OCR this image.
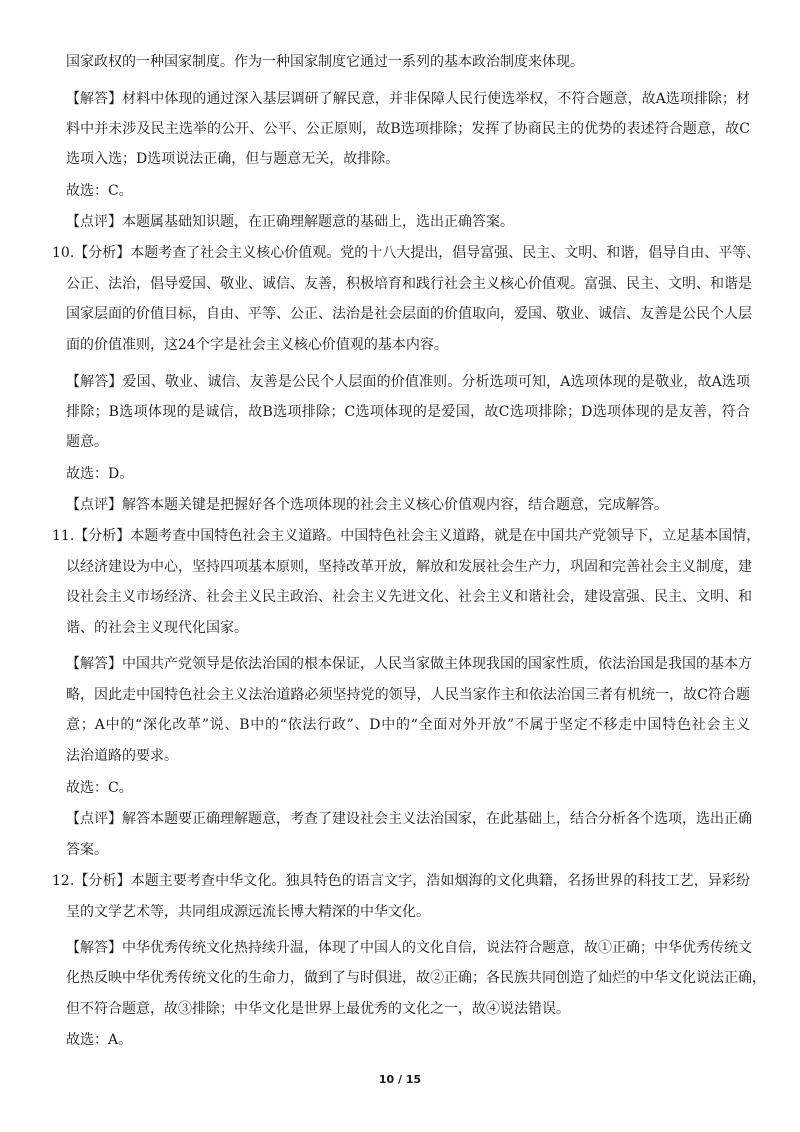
国家政权的一种国家制度。作为一种国家制度它通过一系列的基本政治制度来体现。
【解答】材料中体现的通过深入基层调研了解民意，并非保障人民行使选举权，不符合题意，故A选项排除；材
料中并未涉及民主选举的公开、公平、公正原则，故B选项排除；发挥了协商民主的优势的表述符合题意，故C
选项入选；D选项说法正确，但与题意无关，故排除。
故选：C。
【点评】本题属基础知识题，在正确理解题意的基础上，选出正确答案。
10.【分析】本题考查了社会主义核心价值观。党的十八大提出，倡导富强、民主、文明、和谐，倡导自由、平等、
公正、法治，倡导爱国、敬业、诚信、友善，积极培育和践行社会主义核心价值观。富强、民主、文明、和谐是
国家层面的价值目标，自由、平等、公正、法治是社会层面的价值取向，爱国、敬业、诚信、友善是公民个人层
面的价值准则，这24个字是社会主义核心价值观的基本内容。
【解答】爱国、敬业、诚信、友善是公民个人层面的价值准则。分析选项可知，A选项体现的是敬业，故A选项
排除；B选项体现的是诚信，故B选项排除；C选项体现的是爱国，故C选项排除；D选项体现的是友善，符合
题意。
故选：D。
【点评】解答本题关键是把握好各个选项体现的社会主义核心价值观内容，结合题意，完成解答。
11.【分析】本题考查中国特色社会主义道路。中国特色社会主义道路，就是在中国共产党领导下，立足基本国情，
以经济建设为中心，坚持四项基本原则，坚持改革开放，解放和发展社会生产力，巩固和完善社会主义制度，建
设社会主义市场经济、社会主义民主政治、社会主义先进文化、社会主义和谐社会，建设富强、民主、文明、和
谐、的社会主义现代化国家。
【解答】中国共产党领导是依法治国的根本保证，人民当家做主体现我国的国家性质，依法治国是我国的基本方
略，因此走中国特色社会主义法治道路必须坚持党的领导，人民当家作主和依法治国三者有机统一，故C符合题
意；A中的“深化改革”说、B中的“依法行政”、D中的“全面对外开放”不属于坚定不移走中国特色社会主义
法治道路的要求。
故选：C。
【点评】解答本题要正确理解题意，考查了建设社会主义法治国家，在此基础上，结合分析各个选项，选出正确
答案。
12.【分析】本题主要考查中华文化。独具特色的语言文字，浩如烟海的文化典籍，名扬世界的科技工艺，异彩纷
呈的文学艺术等，共同组成源远流长博大精深的中华文化。
【解答】中华优秀传统文化热持续升温，体现了中国人的文化自信，说法符合题意，故①正确；中华优秀传统文
化热反映中华优秀传统文化的生命力，做到了与时俱进，故②正确；各民族共同创造了灿烂的中华文化说法正确，
但不符合题意，故③排除；中华文化是世界上最优秀的文化之一，故④说法错误。
故选：A。
10 / 15
